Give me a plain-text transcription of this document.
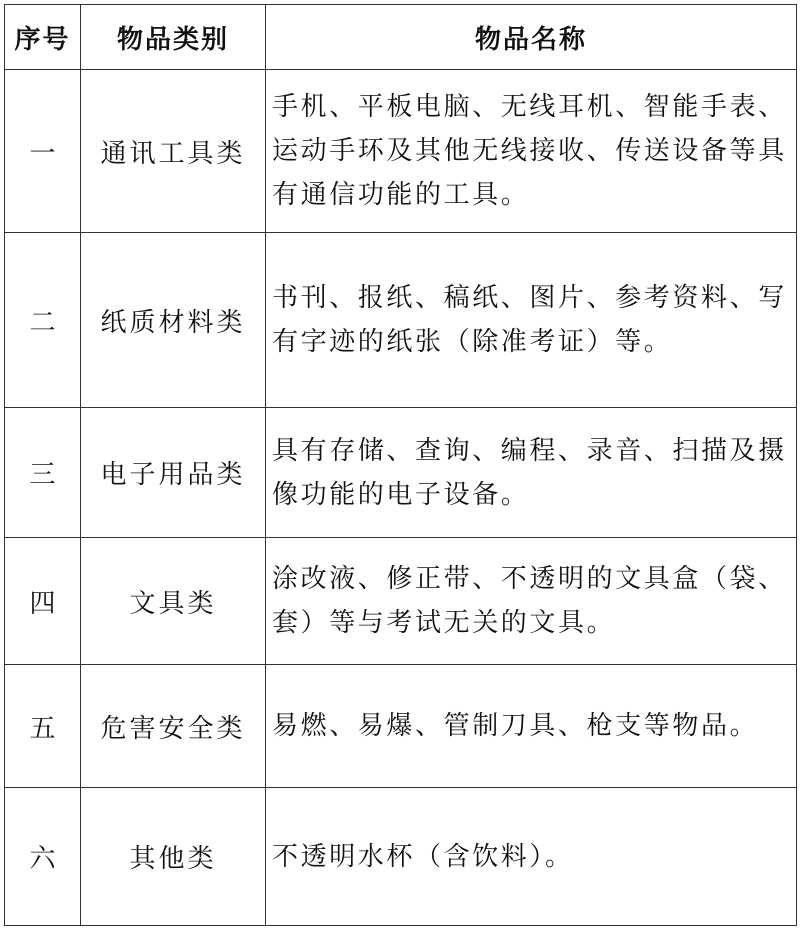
序号	物品类别	物品名称
一	通讯工具类	手机、平板电脑、无线耳机、智能手表、运动手环及其他无线接收、传送设备等具有通信功能的工具。
二	纸质材料类	书刊、报纸、稿纸、图片、参考资料、写有字迹的纸张（除准考证）等。
三	电子用品类	具有存储、查询、编程、录音、扫描及摄像功能的电子设备。
四	文具类	涂改液、修正带、不透明的文具盒（袋、套）等与考试无关的文具。
五	危害安全类	易燃、易爆、管制刀具、枪支等物品。
六	其他类	不透明水杯（含饮料）。
